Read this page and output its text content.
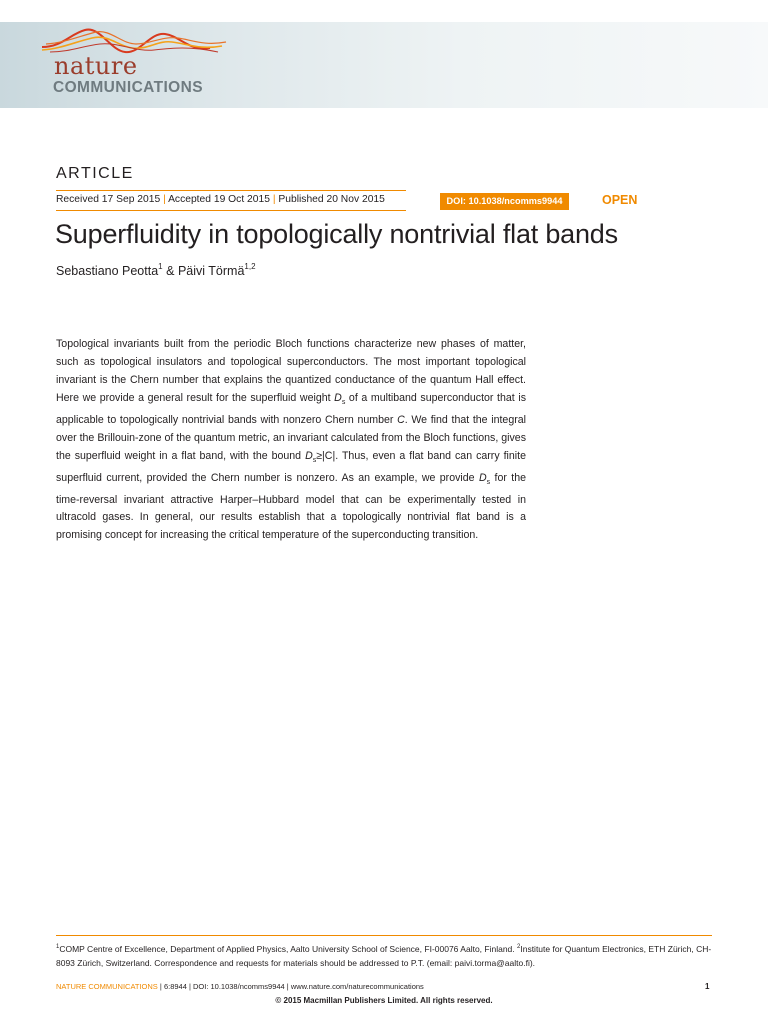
nature
COMMUNICATIONS
ARTICLE
Received 17 Sep 2015 | Accepted 19 Oct 2015 | Published 20 Nov 2015	DOI: 10.1038/ncomms9944	OPEN
Superfluidity in topologically nontrivial flat bands
Sebastiano Peotta$^1$ & Päivi Törmä$^{1,2}$

Topological invariants built from the periodic Bloch functions characterize new phases of matter, such as topological insulators and topological superconductors. The most important topological invariant is the Chern number that explains the quantized conductance of the quantum Hall effect. Here we provide a general result for the superfluid weight $D_s$ of a multiband superconductor that is applicable to topologically nontrivial bands with nonzero Chern number C. We find that the integral over the Brillouin-zone of the quantum metric, an invariant calculated from the Bloch functions, gives the superfluid weight in a flat band, with the bound $D_s\ge|C|$. Thus, even a flat band can carry finite superfluid current, provided the Chern number is nonzero. As an example, we provide $D_s$ for the time-reversal invariant attractive Harper–Hubbard model that can be experimentally tested in ultracold gases. In general, our results establish that a topologically nontrivial flat band is a promising concept for increasing the critical temperature of the superconducting transition.

$^1$COMP Centre of Excellence, Department of Applied Physics, Aalto University School of Science, FI-00076 Aalto, Finland. $^2$Institute for Quantum Electronics, ETH Zürich, CH-8093 Zürich, Switzerland. Correspondence and requests for materials should be addressed to P.T. (email: paivi.torma@aalto.fi).
NATURE COMMUNICATIONS | 6:8944 | DOI: 10.1038/ncomms9944 | www.nature.com/naturecommunications	1
© 2015 Macmillan Publishers Limited. All rights reserved.
